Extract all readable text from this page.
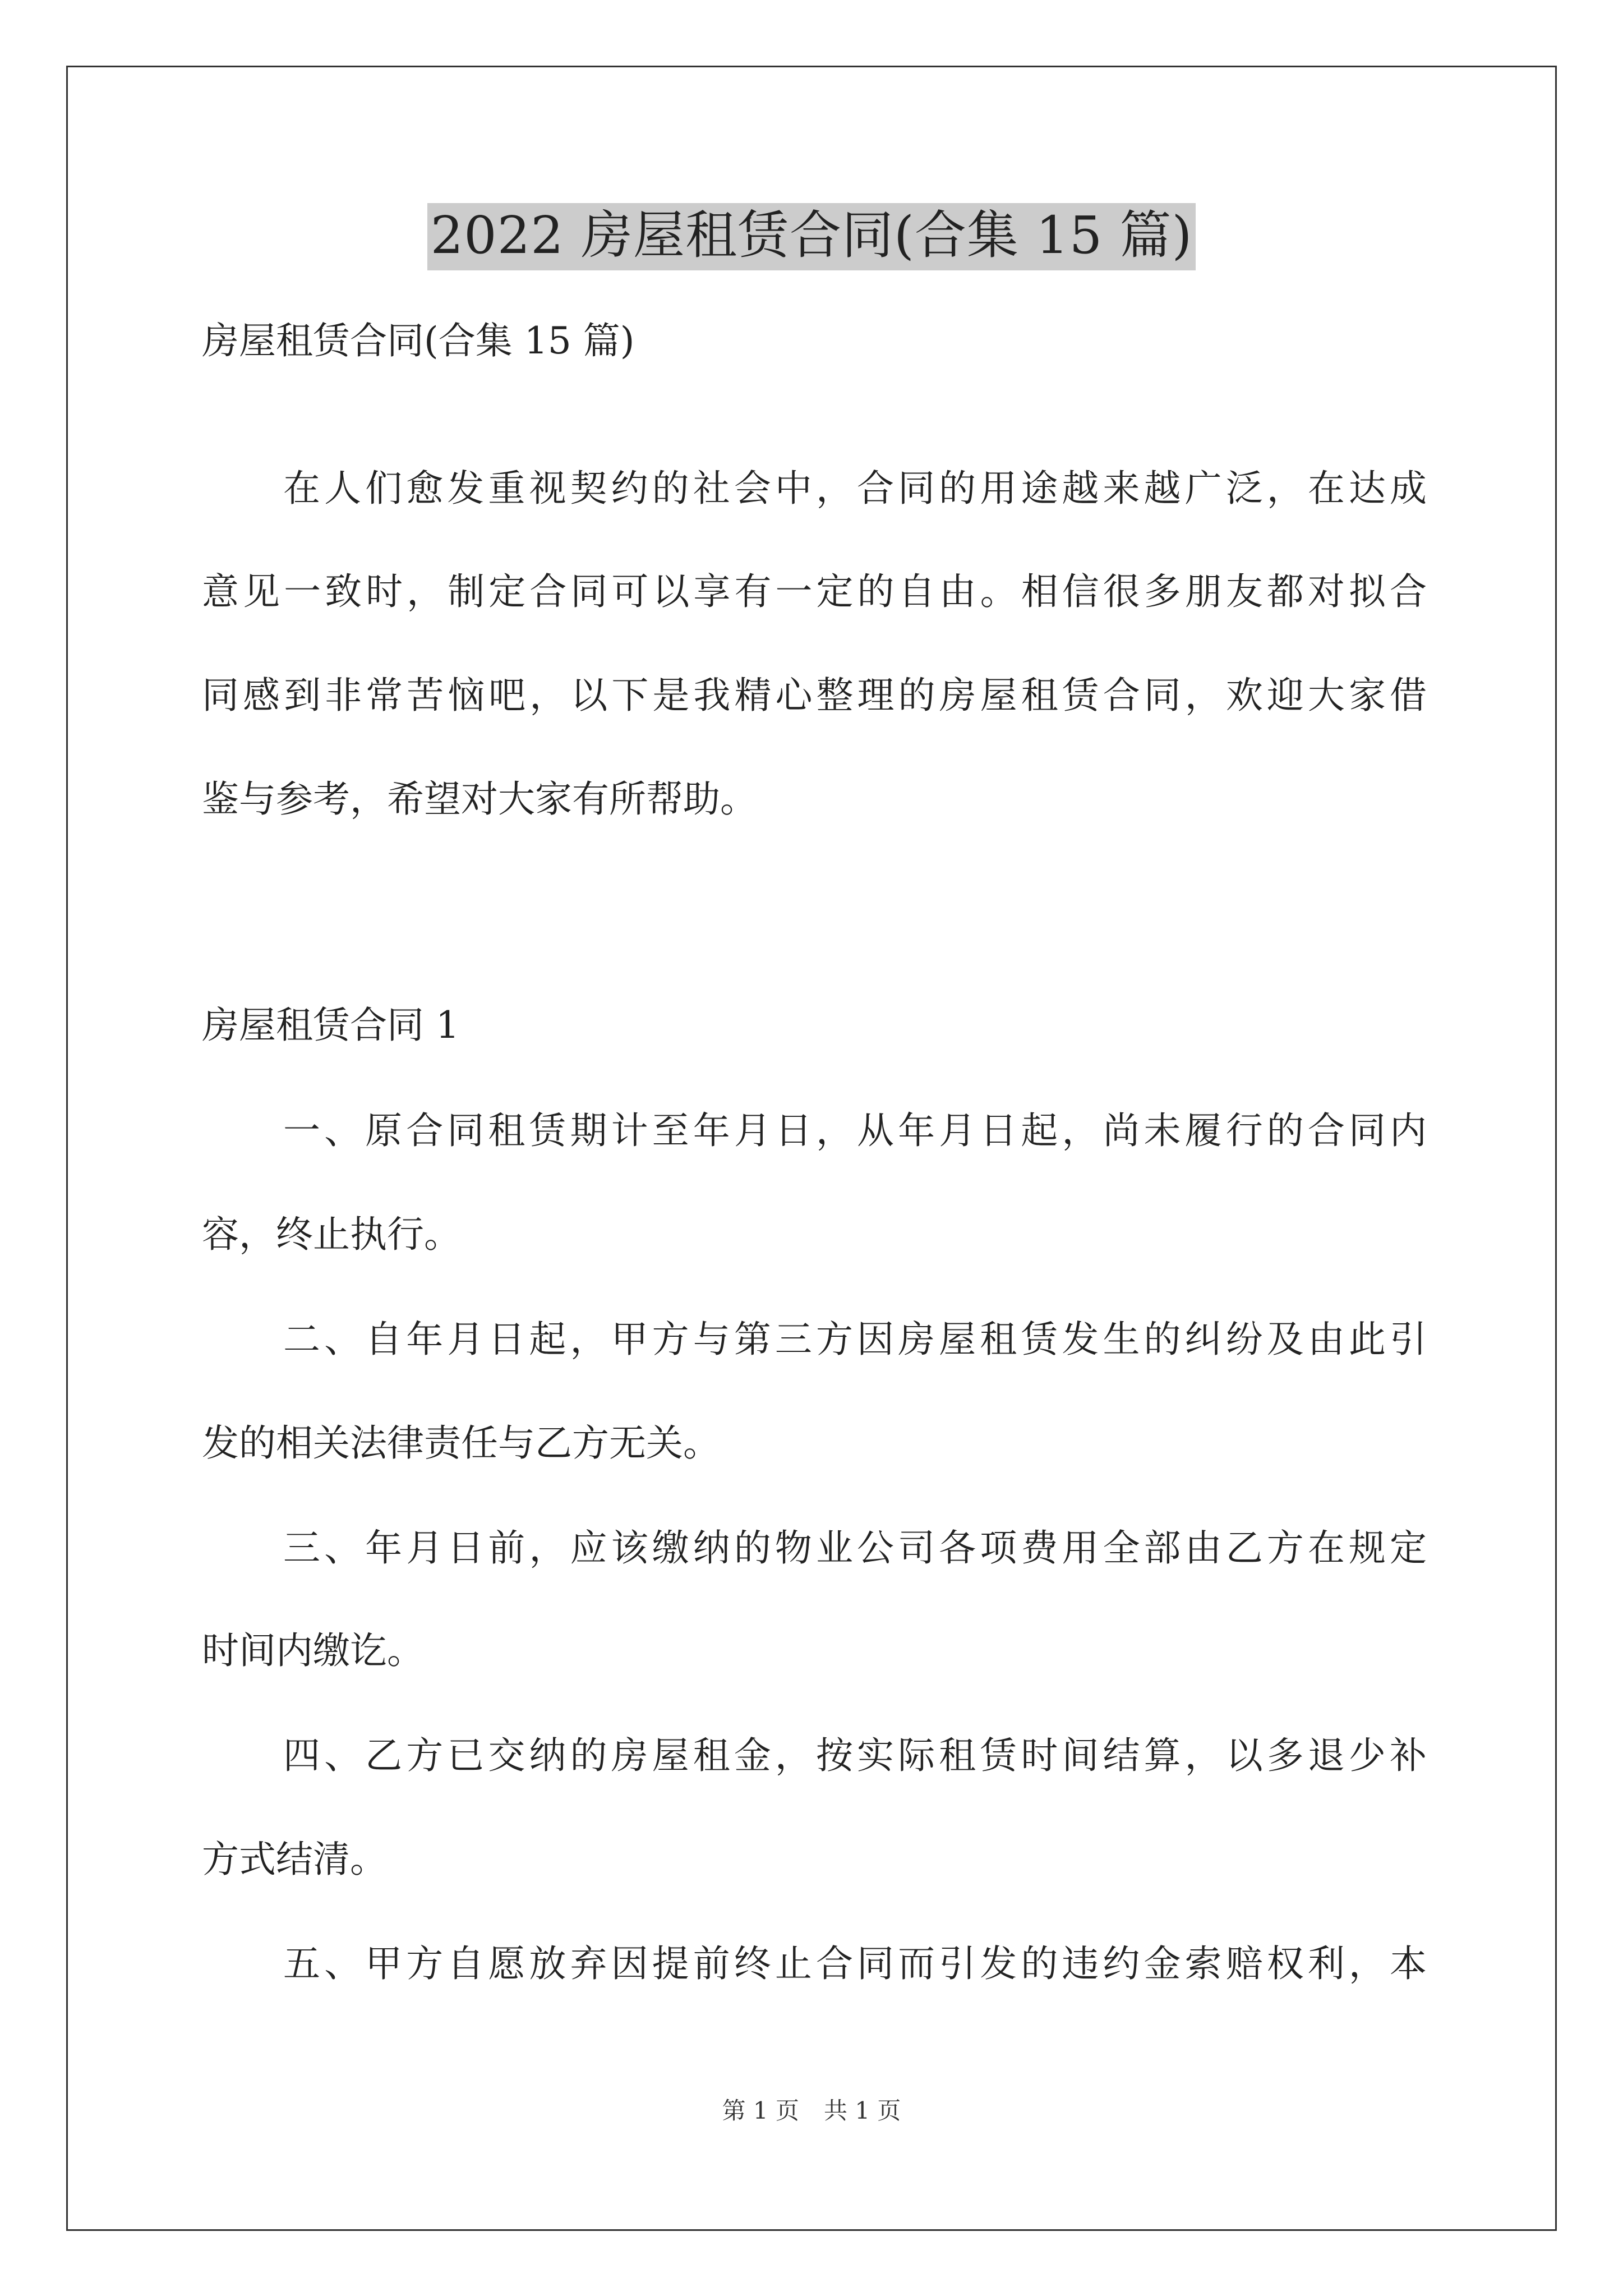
2022 房屋租赁合同(合集 15 篇)

房屋租赁合同(合集 15 篇)

在人们愈发重视契约的社会中，合同的用途越来越广泛，在达成

意见一致时，制定合同可以享有一定的自由。相信很多朋友都对拟合

同感到非常苦恼吧，以下是我精心整理的房屋租赁合同，欢迎大家借

鉴与参考，希望对大家有所帮助。

房屋租赁合同 1

一、原合同租赁期计至年月日，从年月日起，尚未履行的合同内

容，终止执行。

二、自年月日起，甲方与第三方因房屋租赁发生的纠纷及由此引

发的相关法律责任与乙方无关。

三、年月日前，应该缴纳的物业公司各项费用全部由乙方在规定

时间内缴讫。

四、乙方已交纳的房屋租金，按实际租赁时间结算，以多退少补

方式结清。

五、甲方自愿放弃因提前终止合同而引发的违约金索赔权利，本

第 1 页 共 1 页
